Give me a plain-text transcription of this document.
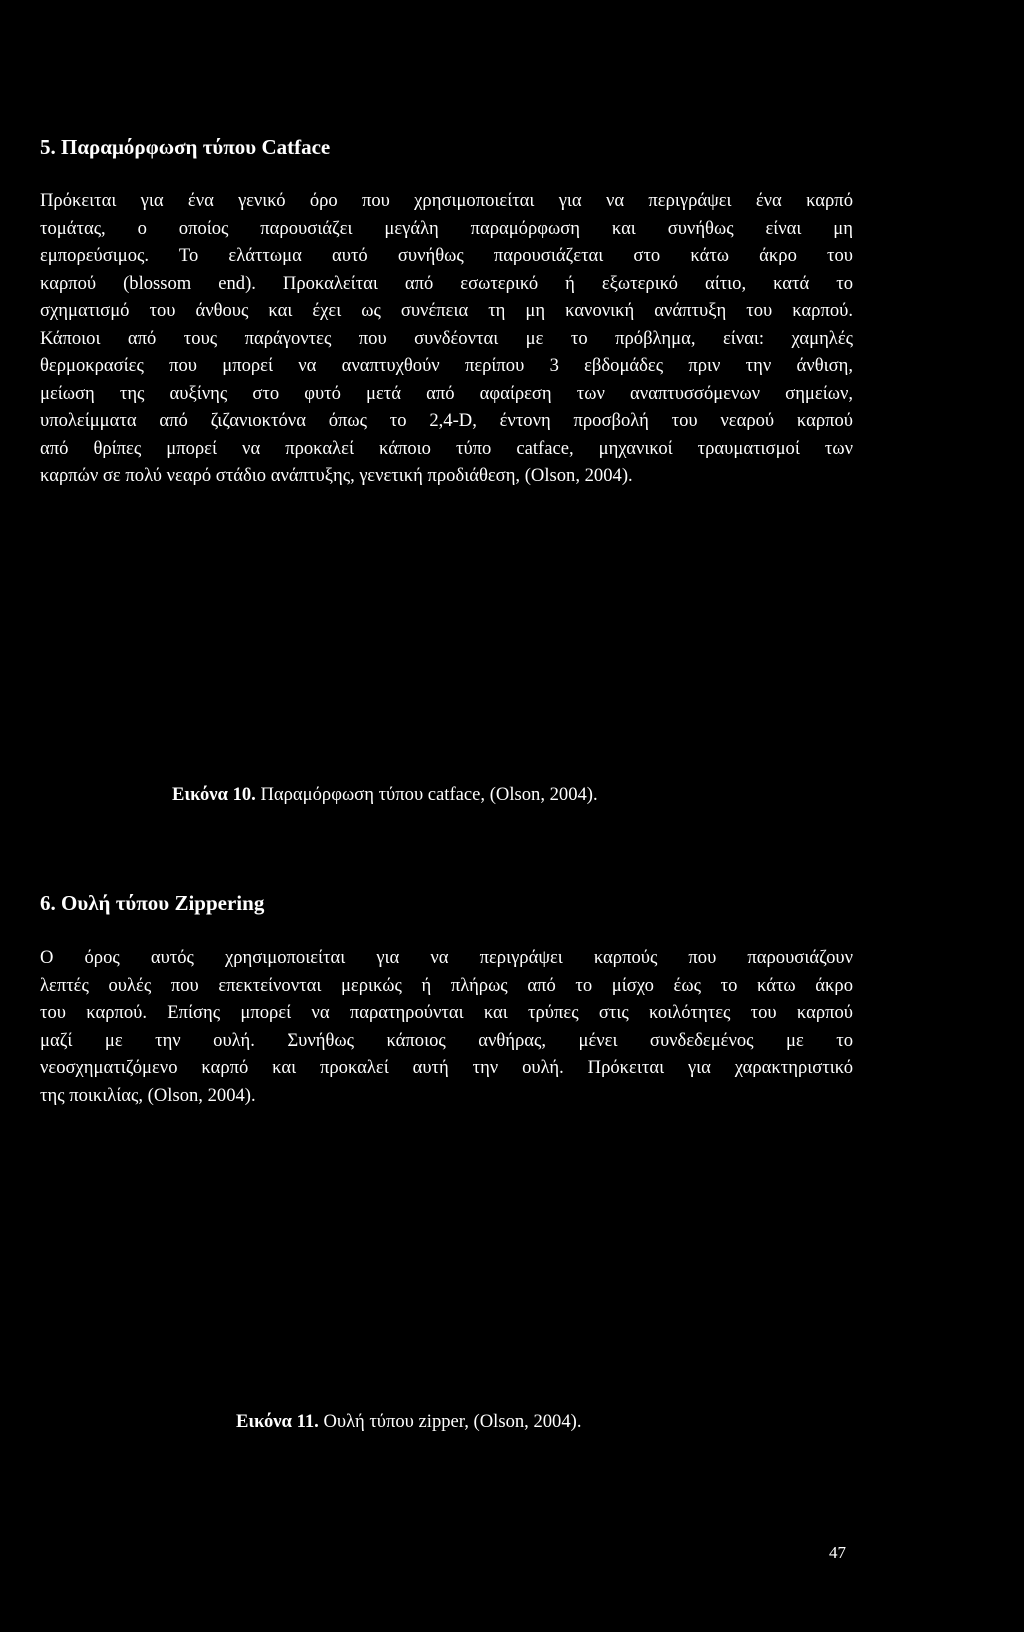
5. Παραμόρφωση τύπου Catface

Πρόκειται για ένα γενικό όρο που χρησιμοποιείται για να περιγράψει ένα καρπό
τομάτας, ο οποίος παρουσιάζει μεγάλη παραμόρφωση και συνήθως είναι μη
εμπορεύσιμος. Το ελάττωμα αυτό συνήθως παρουσιάζεται στο κάτω άκρο του
καρπού (blossom end). Προκαλείται από εσωτερικό ή εξωτερικό αίτιο, κατά το
σχηματισμό του άνθους και έχει ως συνέπεια τη μη κανονική ανάπτυξη του καρπού.
Κάποιοι από τους παράγοντες που συνδέονται με το πρόβλημα, είναι: χαμηλές
θερμοκρασίες που μπορεί να αναπτυχθούν περίπου 3 εβδομάδες πριν την άνθιση,
μείωση της αυξίνης στο φυτό μετά από αφαίρεση των αναπτυσσόμενων σημείων,
υπολείμματα από ζιζανιοκτόνα όπως το 2,4-D, έντονη προσβολή του νεαρού καρπού
από θρίπες μπορεί να προκαλεί κάποιο τύπο catface, μηχανικοί τραυματισμοί των
καρπών σε πολύ νεαρό στάδιο ανάπτυξης, γενετική προδιάθεση, (Olson, 2004).

Εικόνα 10. Παραμόρφωση τύπου catface, (Olson, 2004).

6. Ουλή τύπου Zippering

Ο όρος αυτός χρησιμοποιείται για να περιγράψει καρπούς που παρουσιάζουν
λεπτές ουλές που επεκτείνονται μερικώς ή πλήρως από το μίσχο έως το κάτω άκρο
του καρπού. Επίσης μπορεί να παρατηρούνται και τρύπες στις κοιλότητες του καρπού
μαζί με την ουλή. Συνήθως κάποιος ανθήρας, μένει συνδεδεμένος με το
νεοσχηματιζόμενο καρπό και προκαλεί αυτή την ουλή. Πρόκειται για χαρακτηριστικό
της ποικιλίας, (Olson, 2004).

Εικόνα 11. Ουλή τύπου zipper, (Olson, 2004).

47
